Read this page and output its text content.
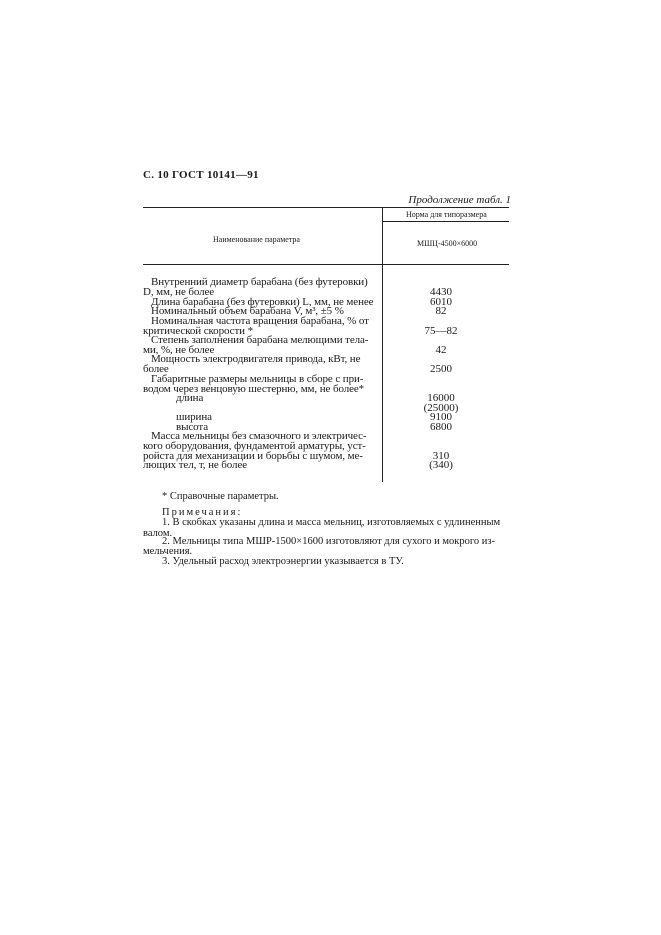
С. 10 ГОСТ 10141—91
Продолжение табл. 1
Наименование параметра
Норма для типоразмера
МШЦ-4500×6000
Внутренний диаметр барабана (без футеровки)
D, мм, не более
Длина барабана (без футеровки) L, мм, не менее
Номинальный объем барабана V, м³, ±5 %
Номинальная частота вращения барабана, % от
критической скорости *
Степень заполнения барабана мелющими тела-
ми, %, не более
Мощность электродвигателя привода, кВт, не
более
Габаритные размеры мельницы в сборе с при-
водом через венцовую шестерню, мм, не более*
длина
ширина
высота
Масса мельницы без смазочного и электричес-
кого оборудования, фундаментой арматуры, уст-
ройста для механизации и борьбы с шумом, ме-
лющих тел, т, не более
4430
6010
82
75—82
42
2500
16000
(25000)
9100
6800
310
(340)
* Справочные параметры.
Примечания:
1. В скобках указаны длина и масса мельниц, изготовляемых с удлиненным
валом.
2. Мельницы типа МШР-1500×1600 изготовляют для сухого и мокрого из-
мельчения.
3. Удельный расход электроэнергии указывается в ТУ.
